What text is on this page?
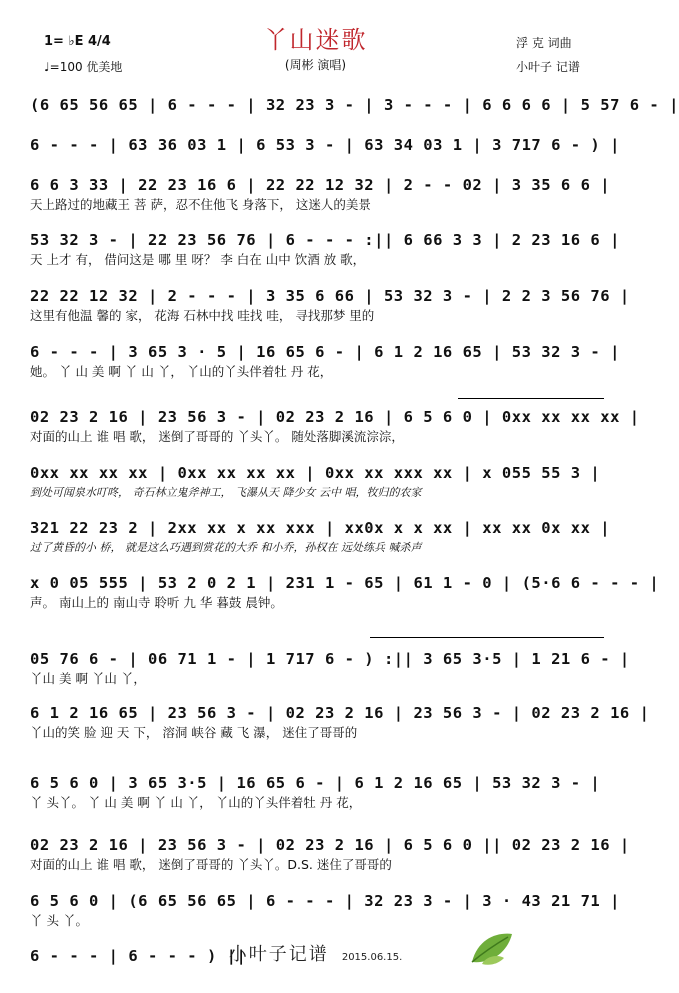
1= ♭E 4/4
♩=100 优美地
丫山迷歌
(周彬 演唱)
浮 克 词曲
小叶子 记谱
(6 65 56 65 | 6 - - - | 32 23 3 - | 3 - - - | 6 6 6 6 | 5 57 6 - |
6 - - - | 63 36 03 1 | 6 53 3 - | 63 34 03 1 | 3 717 6 - ) |
6 6 3 33 | 22 23 16 6 | 22 22 12 32 | 2 - - 02 | 3 35 6 6 |
天上路过的地藏王 菩 萨，忍不住他飞 身落下， 这迷人的美景
53 32 3 - | 22 23 56 76 | 6 - - - :|| 6 66 3 3 | 2 23 16 6 |
天 上才 有， 借问这是 哪 里 呀？ 李 白在 山中 饮酒 放 歌，
22 22 12 32 | 2 - - - | 3 35 6 66 | 53 32 3 - | 2 2 3 56 76 |
这里有他温 馨的 家， 花海 石林中找 哇找 哇， 寻找那梦 里的
6 - - - | 3 65 3 · 5 | 16 65 6 - | 6 1 2 16 65 | 53 32 3 - |
她。 丫 山 美 啊 丫 山 丫， 丫山的丫头伴着牡 丹 花，
02 23 2 16 | 23 56 3 - | 02 23 2 16 | 6 5 6 0 | 0xx xx xx xx |
对面的山上 谁 唱 歌， 迷倒了哥哥的 丫头丫。 随处落脚溪流淙淙，
0xx xx xx xx | 0xx xx xx xx | 0xx xx xxx xx | x 055 55 3 |
到处可闻泉水叮咚， 奇石林立鬼斧神工， 飞瀑从天 降少女 云中 唱，牧归的农家
321 22 23 2 | 2xx xx x xx xxx | xx0x x x xx | xx xx 0x xx |
过了黄昏的小 桥， 就是这么巧遇到赏花的大乔 和小乔，孙权在 远处练兵 喊杀声
x 0 05 555 | 53 2 0 2 1 | 231 1 - 65 | 61 1 - 0 | (5·6 6 - - - |
声。 南山上的 南山寺 聆听 九 华 暮鼓 晨钟。
05 76 6 - | 06 71 1 - | 1 717 6 - ) :|| 3 65 3·5 | 1 21 6 - |
丫山 美 啊 丫山 丫，
6 1 2 16 65 | 23 56 3 - | 02 23 2 16 | 23 56 3 - | 02 23 2 16 |
丫山的笑 脸 迎 天 下， 溶洞 峡谷 藏 飞 瀑， 迷住了哥哥的
6 5 6 0 | 3 65 3·5 | 16 65 6 - | 6 1 2 16 65 | 53 32 3 - |
丫 头丫。 丫 山 美 啊 丫 山 丫， 丫山的丫头伴着牡 丹 花，
02 23 2 16 | 23 56 3 - | 02 23 2 16 | 6 5 6 0 || 02 23 2 16 |
对面的山上 谁 唱 歌， 迷倒了哥哥的 丫头丫。D.S. 迷住了哥哥的
6 5 6 0 | (6 65 56 65 | 6 - - - | 32 23 3 - | 3 · 43 21 71 |
丫 头 丫。
6 - - - | 6 - - - ) ||
小叶子记谱 2015.06.15.
